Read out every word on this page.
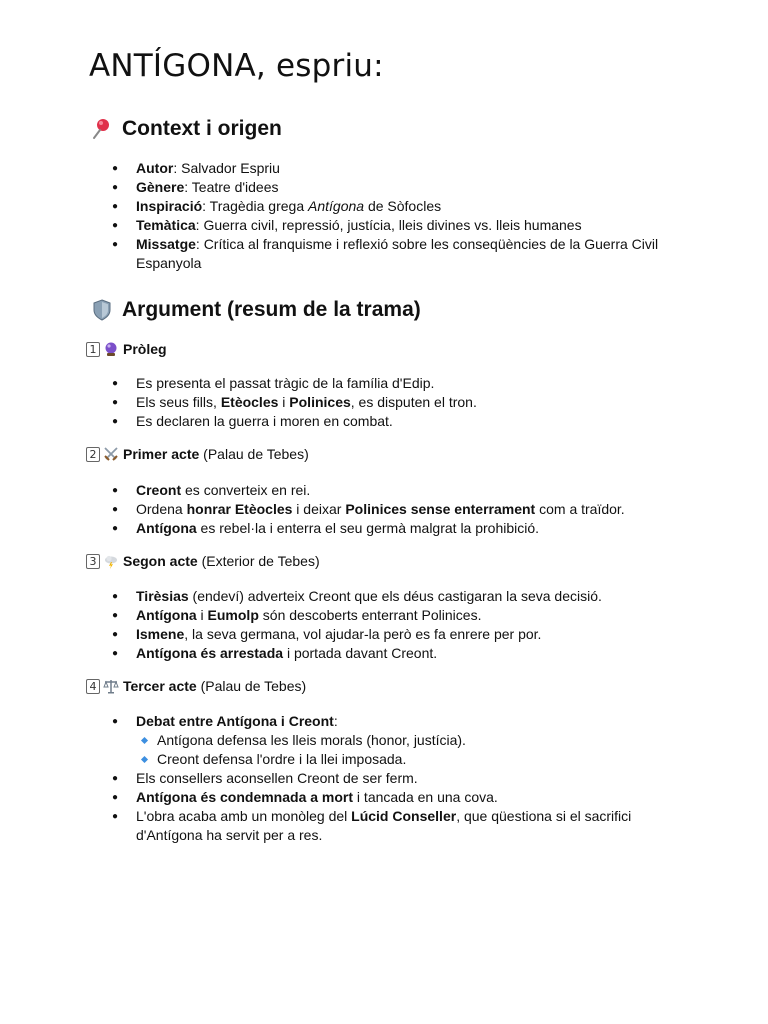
ANTÍGONA, espriu:
Context i origen
● Autor: Salvador Espriu
● Gènere: Teatre d'idees
● Inspiració: Tragèdia grega Antígona de Sòfocles
● Temàtica: Guerra civil, repressió, justícia, lleis divines vs. lleis humanes
● Missatge: Crítica al franquisme i reflexió sobre les conseqüències de la Guerra Civil Espanyola
Argument (resum de la trama)
1 Pròleg
● Es presenta el passat tràgic de la família d'Edip.
● Els seus fills, Etèocles i Polinices, es disputen el tron.
● Es declaren la guerra i moren en combat.
2 Primer acte (Palau de Tebes)
● Creont es converteix en rei.
● Ordena honrar Etèocles i deixar Polinices sense enterrament com a traïdor.
● Antígona es rebel·la i enterra el seu germà malgrat la prohibició.
3 Segon acte (Exterior de Tebes)
● Tirèsias (endeví) adverteix Creont que els déus castigaran la seva decisió.
● Antígona i Eumolp són descoberts enterrant Polinices.
● Ismene, la seva germana, vol ajudar-la però es fa enrere per por.
● Antígona és arrestada i portada davant Creont.
4 Tercer acte (Palau de Tebes)
● Debat entre Antígona i Creont:
Antígona defensa les lleis morals (honor, justícia).
Creont defensa l'ordre i la llei imposada.
● Els consellers aconsellen Creont de ser ferm.
● Antígona és condemnada a mort i tancada en una cova.
● L'obra acaba amb un monòleg del Lúcid Conseller, que qüestiona si el sacrifici d'Antígona ha servit per a res.
